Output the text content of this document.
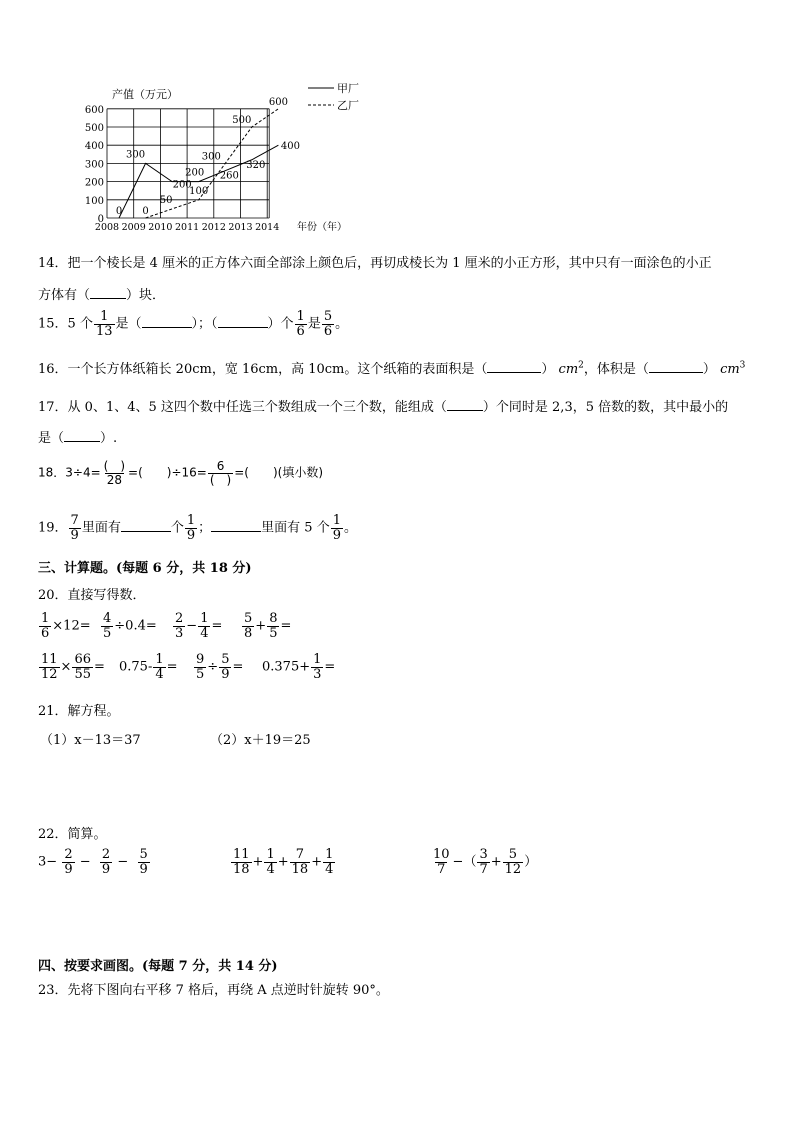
0
100
200
300
400
500
600
2008 2009 2010 2011 2012 2013 2014
0
300
200
200 260
320
400
0
50
100
300
500
600
产值（万元）
年份（年）
甲厂
乙厂
14．把一个棱长是 4 厘米的正方体六面全部涂上颜色后，再切成棱长为 1 厘米的小正方形，其中只有一面涂色的小正
方体有（	）块．
15．5 个 $\frac{1}{13}$ 是（	）；（	）个 $\frac{1}{6}$ 是 $\frac{5}{6}$ 。
16．一个长方体纸箱长 20cm，宽 16cm，高 10cm。这个纸箱的表面积是（	） $cm^2$，体积是（	） $cm^3$
17．从 0、1、4、5 这四个数中任选三个数组成一个三个数，能组成（	）个同时是 2,3，5 倍数的数，其中最小的
是（	）.
18．$3\div 4= \frac{( )}{28}$ =(　　)$\div 16= \frac{6}{( )}$ =(　　)(填小数)
19． $\frac{7}{9}$ 里面有	个 $\frac{1}{9}$ ；	里面有 5 个 $\frac{1}{9}$ 。
三、计算题。(每题 6 分，共 18 分)
20．直接写得数．
$\frac{1}{6} \times 12= \frac{4}{5} \div 0.4= \frac{2}{3} - \frac{1}{4} = \frac{5}{8} + \frac{8}{5}$ =
$\frac{11}{12} \times \frac{66}{55} = 0.75- \frac{1}{4} = \frac{9}{5} \div \frac{5}{9} = 0.375+ \frac{1}{3}$ =
21．解方程。
（1）x－13＝37	（2）x＋19＝25
22．简算。
$3- \frac{2}{9} - \frac{2}{9} - \frac{5}{9}$	$\frac{11}{18} + \frac{1}{4} + \frac{7}{18} + \frac{1}{4}$	$\frac{10}{7}$ −（ $\frac{3}{7} + \frac{5}{12}$ ）
四、按要求画图。(每题 7 分，共 14 分)
23．先将下图向右平移 7 格后，再绕 A 点逆时针旋转 90°。
